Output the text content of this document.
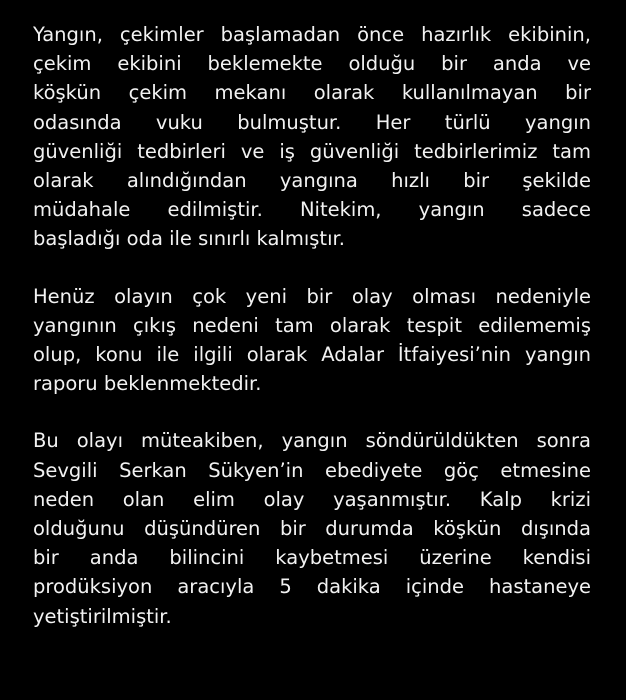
Yangın, çekimler başlamadan önce hazırlık ekibinin,
çekim ekibini beklemekte olduğu bir anda ve
köşkün çekim mekanı olarak kullanılmayan bir
odasında vuku bulmuştur. Her türlü yangın
güvenliği tedbirleri ve iş güvenliği tedbirlerimiz tam
olarak alındığından yangına hızlı bir şekilde
müdahale edilmiştir. Nitekim, yangın sadece
başladığı oda ile sınırlı kalmıştır.
Henüz olayın çok yeni bir olay olması nedeniyle
yangının çıkış nedeni tam olarak tespit edilememiş
olup, konu ile ilgili olarak Adalar İtfaiyesi’nin yangın
raporu beklenmektedir.
Bu olayı müteakiben, yangın söndürüldükten sonra
Sevgili Serkan Sükyen’in ebediyete göç etmesine
neden olan elim olay yaşanmıştır. Kalp krizi
olduğunu düşündüren bir durumda köşkün dışında
bir anda bilincini kaybetmesi üzerine kendisi
prodüksiyon aracıyla 5 dakika içinde hastaneye
yetiştirilmiştir.
